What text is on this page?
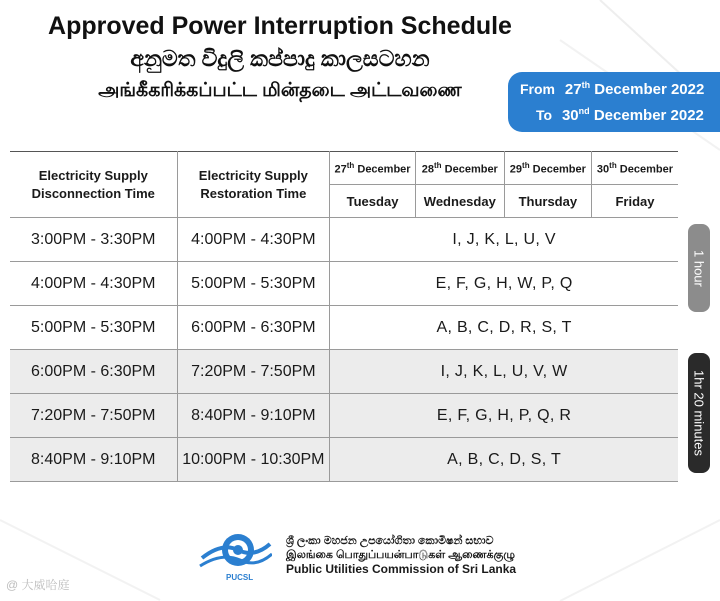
Approved Power Interruption Schedule
අනුමත විදුලි කප්පාදු කාලසටහන
அங்கீகரிக்கப்பட்ட மின்தடை அட்டவணை	From 27th December 2022
To 30nd December 2022
Electricity Supply Disconnection Time	Electricity Supply Restoration Time	27th December	28th December	29th December	30th December
		Tuesday	Wednesday	Thursday	Friday
3:00PM - 3:30PM	4:00PM - 4:30PM	I, J, K, L, U, V			
4:00PM - 4:30PM	5:00PM - 5:30PM	E, F, G, H, W, P, Q			
5:00PM - 5:30PM	6:00PM - 6:30PM	A, B, C, D, R, S, T			
6:00PM - 6:30PM	7:20PM - 7:50PM	I, J, K, L, U, V, W			
7:20PM - 7:50PM	8:40PM - 9:10PM	E, F, G, H, P, Q, R			
8:40PM - 9:10PM	10:00PM - 10:30PM	A, B, C, D, S, T			
1 hour
1hr 20 minutes
PUCSL
ශ්‍රී ලංකා මහජන උපයෝගිතා කොමිෂන් සභාව
இலங்கை பொதுப்பயன்பாடுகள் ஆணைக்குழு
Public Utilities Commission of Sri Lanka
@ 大威哈庭
